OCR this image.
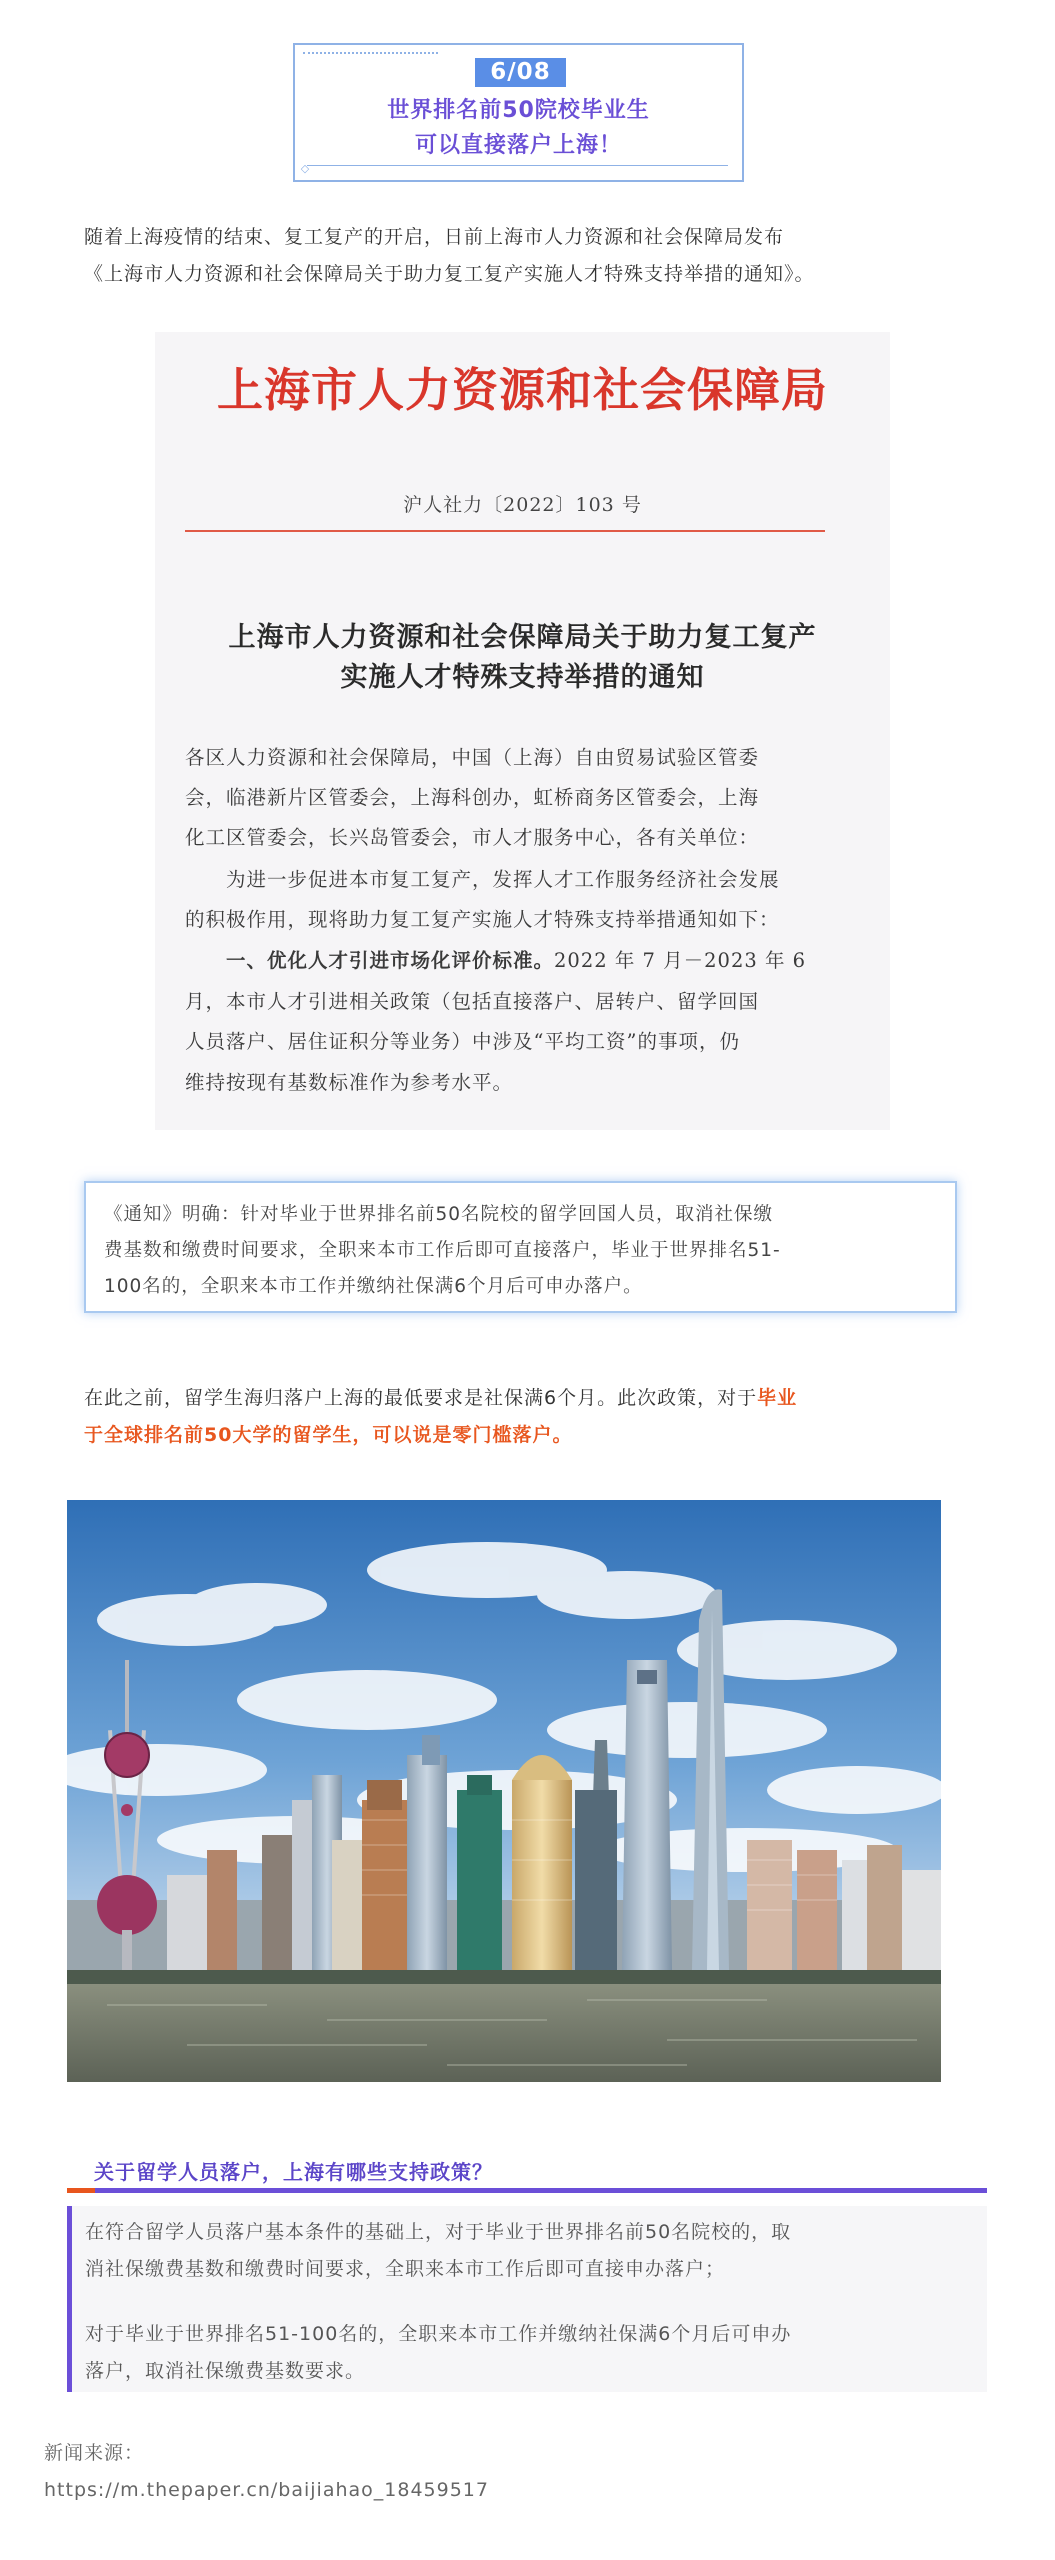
6/08
世界排名前50院校毕业生
可以直接落户上海！
◇
随着上海疫情的结束、复工复产的开启，日前上海市人力资源和社会保障局发布
《上海市人力资源和社会保障局关于助力复工复产实施人才特殊支持举措的通知》。
上海市人力资源和社会保障局
沪人社力〔2022〕103 号
上海市人力资源和社会保障局关于助力复工复产
实施人才特殊支持举措的通知
各区人力资源和社会保障局，中国（上海）自由贸易试验区管委
会，临港新片区管委会，上海科创办，虹桥商务区管委会，上海
化工区管委会，长兴岛管委会，市人才服务中心，各有关单位：
　　为进一步促进本市复工复产，发挥人才工作服务经济社会发展
的积极作用，现将助力复工复产实施人才特殊支持举措通知如下：
　　一、优化人才引进市场化评价标准。2022 年 7 月－2023 年 6
月，本市人才引进相关政策（包括直接落户、居转户、留学回国
人员落户、居住证积分等业务）中涉及“平均工资”的事项，仍
维持按现有基数标准作为参考水平。
《通知》明确：针对毕业于世界排名前50名院校的留学回国人员，取消社保缴
费基数和缴费时间要求，全职来本市工作后即可直接落户，毕业于世界排名51-
100名的，全职来本市工作并缴纳社保满6个月后可申办落户。
在此之前，留学生海归落户上海的最低要求是社保满6个月。此次政策，对于毕业
于全球排名前50大学的留学生，可以说是零门槛落户。
关于留学人员落户，上海有哪些支持政策？
在符合留学人员落户基本条件的基础上，对于毕业于世界排名前50名院校的，取
消社保缴费基数和缴费时间要求，全职来本市工作后即可直接申办落户；
对于毕业于世界排名51-100名的，全职来本市工作并缴纳社保满6个月后可申办
落户，取消社保缴费基数要求。
新闻来源：
https://m.thepaper.cn/baijiahao_18459517
